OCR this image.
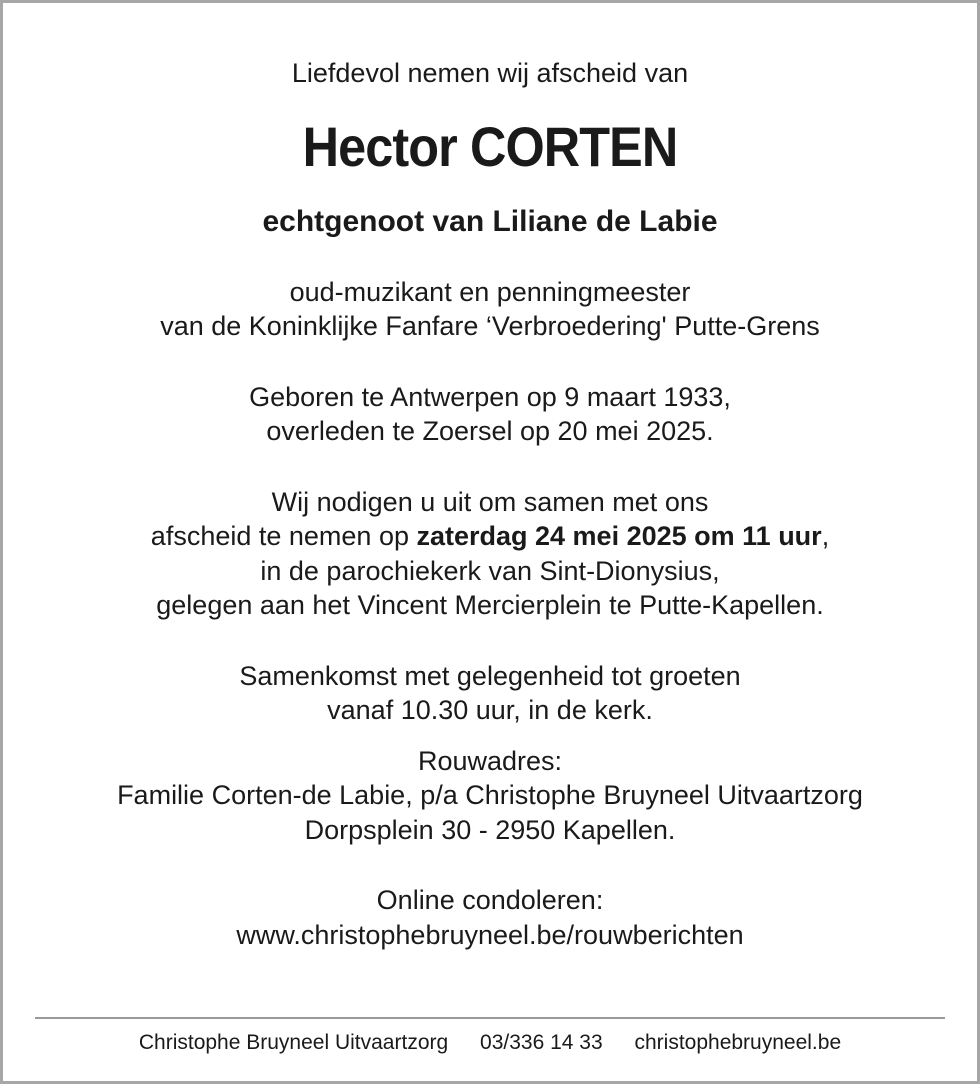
Liefdevol nemen wij afscheid van
Hector CORTEN
echtgenoot van Liliane de Labie
oud-muzikant en penningmeester
van de Koninklijke Fanfare ‘Verbroedering' Putte-Grens
Geboren te Antwerpen op 9 maart 1933,
overleden te Zoersel op 20 mei 2025.
Wij nodigen u uit om samen met ons
afscheid te nemen op zaterdag 24 mei 2025 om 11 uur,
in de parochiekerk van Sint-Dionysius,
gelegen aan het Vincent Mercierplein te Putte-Kapellen.
Samenkomst met gelegenheid tot groeten
vanaf 10.30 uur, in de kerk.
Rouwadres:
Familie Corten-de Labie, p/a Christophe Bruyneel Uitvaartzorg
Dorpsplein 30 - 2950 Kapellen.
Online condoleren:
www.christophebruyneel.be/rouwberichten
Christophe Bruyneel Uitvaartzorg 03/336 14 33 christophebruyneel.be
